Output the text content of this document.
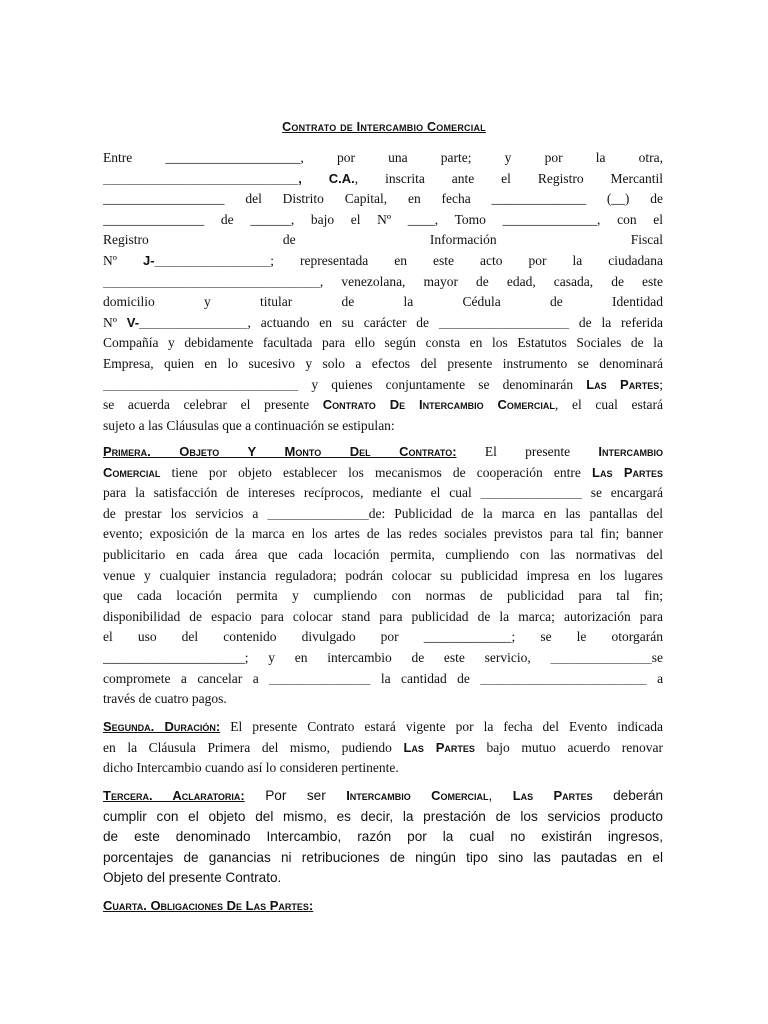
Contrato de Intercambio Comercial
Entre ____________________, por una parte; y por la otra,
___________________________, C.A., inscrita ante el Registro Mercantil
__________________ del Distrito Capital, en fecha ______________ (__) de
_______________ de ______, bajo el Nº ____, Tomo ______________, con el
Registro de Información Fiscal
Nº J-________________; representada en este acto por la ciudadana
______________________________, venezolana, mayor de edad, casada, de este
domicilio y titular de la Cédula de Identidad
Nº V-_______________, actuando en su carácter de __________________ de la referida
Compañía y debidamente facultada para ello según consta en los Estatutos Sociales de la
Empresa, quien en lo sucesivo y solo a efectos del presente instrumento se denominará
___________________________ y quienes conjuntamente se denominarán Las Partes;
se acuerda celebrar el presente Contrato De Intercambio Comercial, el cual estará
sujeto a las Cláusulas que a continuación se estipulan:
Primera. Objeto Y Monto Del Contrato: El presente Intercambio
Comercial tiene por objeto establecer los mecanismos de cooperación entre Las Partes
para la satisfacción de intereses recíprocos, mediante el cual ______________ se encargará
de prestar los servicios a ______________de: Publicidad de la marca en las pantallas del
evento; exposición de la marca en los artes de las redes sociales previstos para tal fin; banner
publicitario en cada área que cada locación permita, cumpliendo con las normativas del
venue y cualquier instancia reguladora; podrán colocar su publicidad impresa en los lugares
que cada locación permita y cumpliendo con normas de publicidad para tal fin;
disponibilidad de espacio para colocar stand para publicidad de la marca; autorización para
el uso del contenido divulgado por _____________; se le otorgarán
_____________________; y en intercambio de este servicio, ______________se
compromete a cancelar a ______________ la cantidad de _______________________ a
través de cuatro pagos.
Segunda. Duración: El presente Contrato estará vigente por la fecha del Evento indicada
en la Cláusula Primera del mismo, pudiendo Las Partes bajo mutuo acuerdo renovar
dicho Intercambio cuando así lo consideren pertinente.
Tercera. Aclaratoria: Por ser Intercambio Comercial, Las Partes deberán
cumplir con el objeto del mismo, es decir, la prestación de los servicios producto
de este denominado Intercambio, razón por la cual no existirán ingresos,
porcentajes de ganancias ni retribuciones de ningún tipo sino las pautadas en el
Objeto del presente Contrato.
Cuarta. Obligaciones De Las Partes:
